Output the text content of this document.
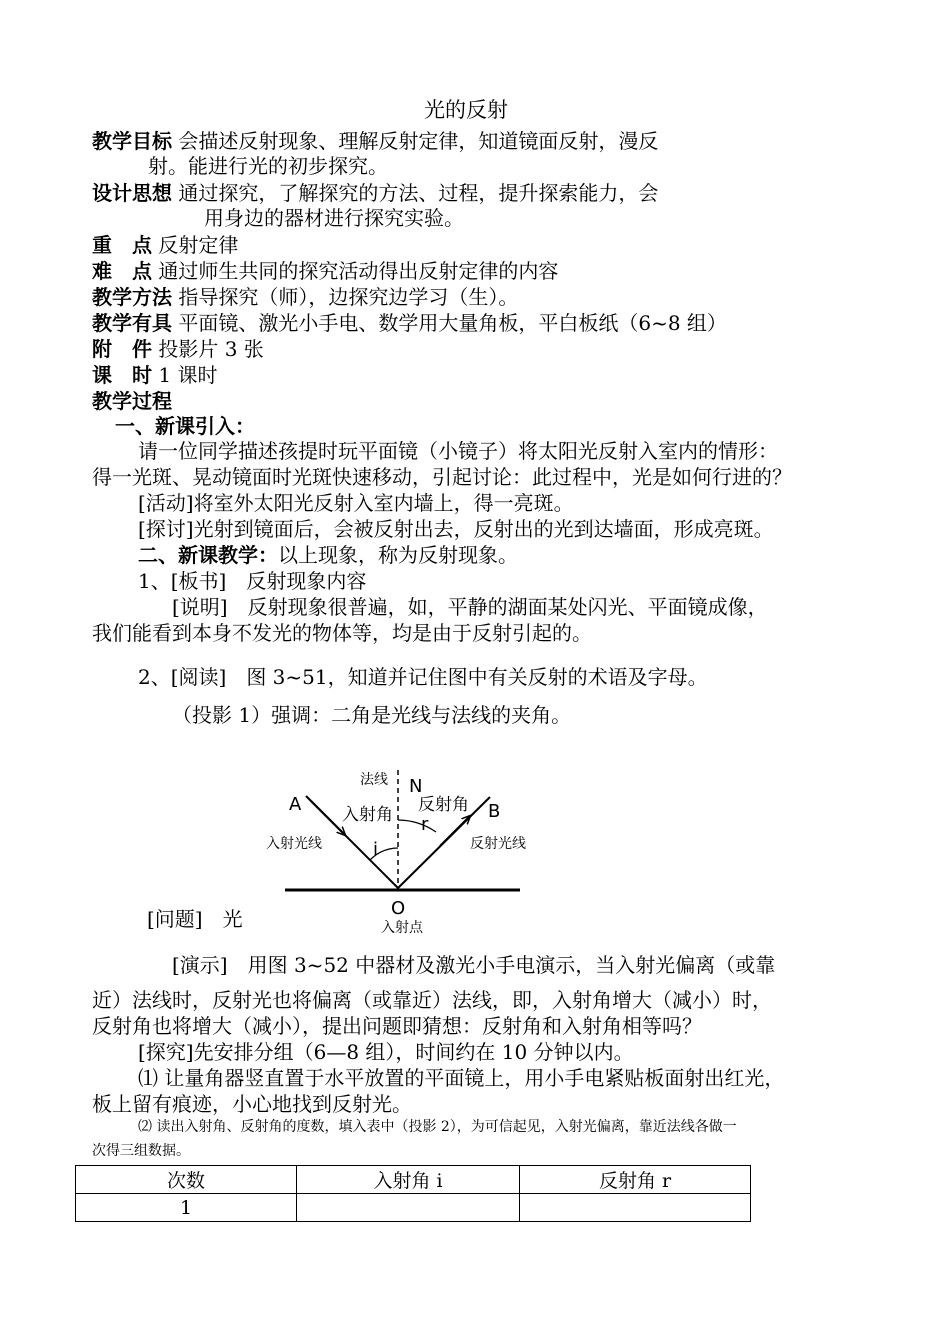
光的反射
教学目标 会描述反射现象、理解反射定律，知道镜面反射，漫反
射。能进行光的初步探究。
设计思想 通过探究，了解探究的方法、过程，提升探索能力，会
用身边的器材进行探究实验。
重　点 反射定律
难　点 通过师生共同的探究活动得出反射定律的内容
教学方法 指导探究（师），边探究边学习（生）。
教学有具 平面镜、激光小手电、数学用大量角板，平白板纸（6~8 组）
附　件 投影片 3 张
课　时 1 课时
教学过程
一、新课引入：
请一位同学描述孩提时玩平面镜（小镜子）将太阳光反射入室内的情形：
得一光斑、晃动镜面时光斑快速移动，引起讨论：此过程中，光是如何行进的？
[活动]将室外太阳光反射入室内墙上，得一亮斑。
[探讨]光射到镜面后，会被反射出去，反射出的光到达墙面，形成亮斑。
二、新课教学：以上现象，称为反射现象。
1、[板书]　反射现象内容
[说明]　反射现象很普遍，如，平静的湖面某处闪光、平面镜成像，
我们能看到本身不发光的物体等，均是由于反射引起的。
2、[阅读]　图 3~51，知道并记住图中有关反射的术语及字母。
（投影 1）强调：二角是光线与法线的夹角。
法线 N
A	B
入射角 反射角
r
i
入射光线	反射光线
O
入射点
[问题]　光
[演示]　用图 3~52 中器材及激光小手电演示，当入射光偏离（或靠
近）法线时，反射光也将偏离（或靠近）法线，即，入射角增大（减小）时，
反射角也将增大（减小），提出问题即猜想：反射角和入射角相等吗？
[探究]先安排分组（6—8 组），时间约在 10 分钟以内。
⑴ 让量角器竖直置于水平放置的平面镜上，用小手电紧贴板面射出红光，
板上留有痕迹，小心地找到反射光。
⑵ 读出入射角、反射角的度数，填入表中（投影 2），为可信起见，入射光偏离，靠近法线各做一
次得三组数据。
次数	入射角 i	反射角 r
1		
